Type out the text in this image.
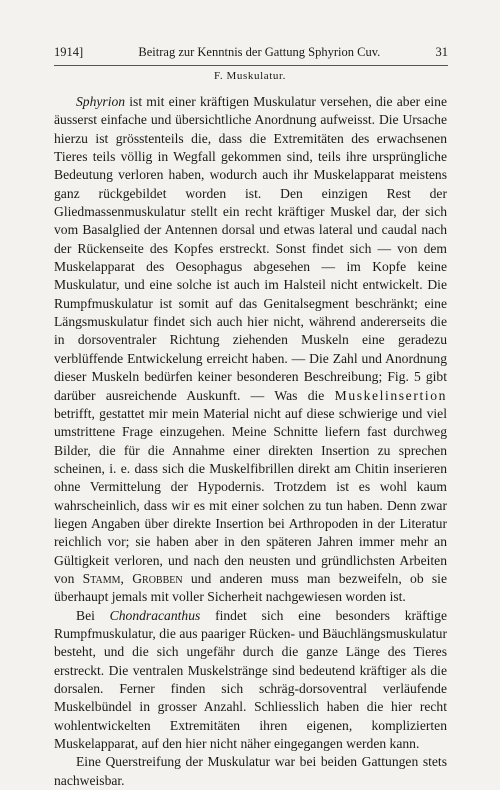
1914]	Beitrag zur Kenntnis der Gattung Sphyrion Cuv.	31
F. Muskulatur.

Sphyrion ist mit einer kräftigen Muskulatur versehen, die aber eine äusserst einfache und übersichtliche Anordnung aufweisst. Die Ursache hierzu ist grösstenteils die, dass die Extremitäten des erwachsenen Tieres teils völlig in Wegfall gekommen sind, teils ihre ursprüngliche Bedeutung verloren haben, wodurch auch ihr Muskelapparat meistens ganz rückgebildet worden ist. Den einzigen Rest der Gliedmassenmuskulatur stellt ein recht kräftiger Muskel dar, der sich vom Basalglied der Antennen dorsal und etwas lateral und caudal nach der Rückenseite des Kopfes erstreckt. Sonst findet sich — von dem Muskelapparat des Oesophagus abgesehen — im Kopfe keine Muskulatur, und eine solche ist auch im Halsteil nicht entwickelt. Die Rumpfmuskulatur ist somit auf das Genitalsegment beschränkt; eine Längsmuskulatur findet sich auch hier nicht, während andererseits die in dorsoventraler Richtung ziehenden Muskeln eine geradezu verblüffende Entwickelung erreicht haben. — Die Zahl und Anordnung dieser Muskeln bedürfen keiner besonderen Beschreibung; Fig. 5 gibt darüber ausreichende Auskunft. — Was die Muskelinsertion betrifft, gestattet mir mein Material nicht auf diese schwierige und viel umstrittene Frage einzugehen. Meine Schnitte liefern fast durchweg Bilder, die für die Annahme einer direkten Insertion zu sprechen scheinen, i. e. dass sich die Muskelfibrillen direkt am Chitin inserieren ohne Vermittelung der Hypodernis. Trotzdem ist es wohl kaum wahrscheinlich, dass wir es mit einer solchen zu tun haben. Denn zwar liegen Angaben über direkte Insertion bei Arthropoden in der Literatur reichlich vor; sie haben aber in den späteren Jahren immer mehr an Gültigkeit verloren, und nach den neusten und gründlichsten Arbeiten von Stamm, Grobben und anderen muss man bezweifeln, ob sie überhaupt jemals mit voller Sicherheit nachgewiesen worden ist.

Bei Chondracanthus findet sich eine besonders kräftige Rumpfmuskulatur, die aus paariger Rücken- und Bäuchlängsmuskulatur besteht, und die sich ungefähr durch die ganze Länge des Tieres erstreckt. Die ventralen Muskelstränge sind bedeutend kräftiger als die dorsalen. Ferner finden sich schräg-dorsoventral verläufende Muskelbündel in grosser Anzahl. Schliesslich haben die hier recht wohlentwickelten Extremitäten ihren eigenen, komplizierten Muskelapparat, auf den hier nicht näher eingegangen werden kann.

Eine Querstreifung der Muskulatur war bei beiden Gattungen stets nachweisbar.
